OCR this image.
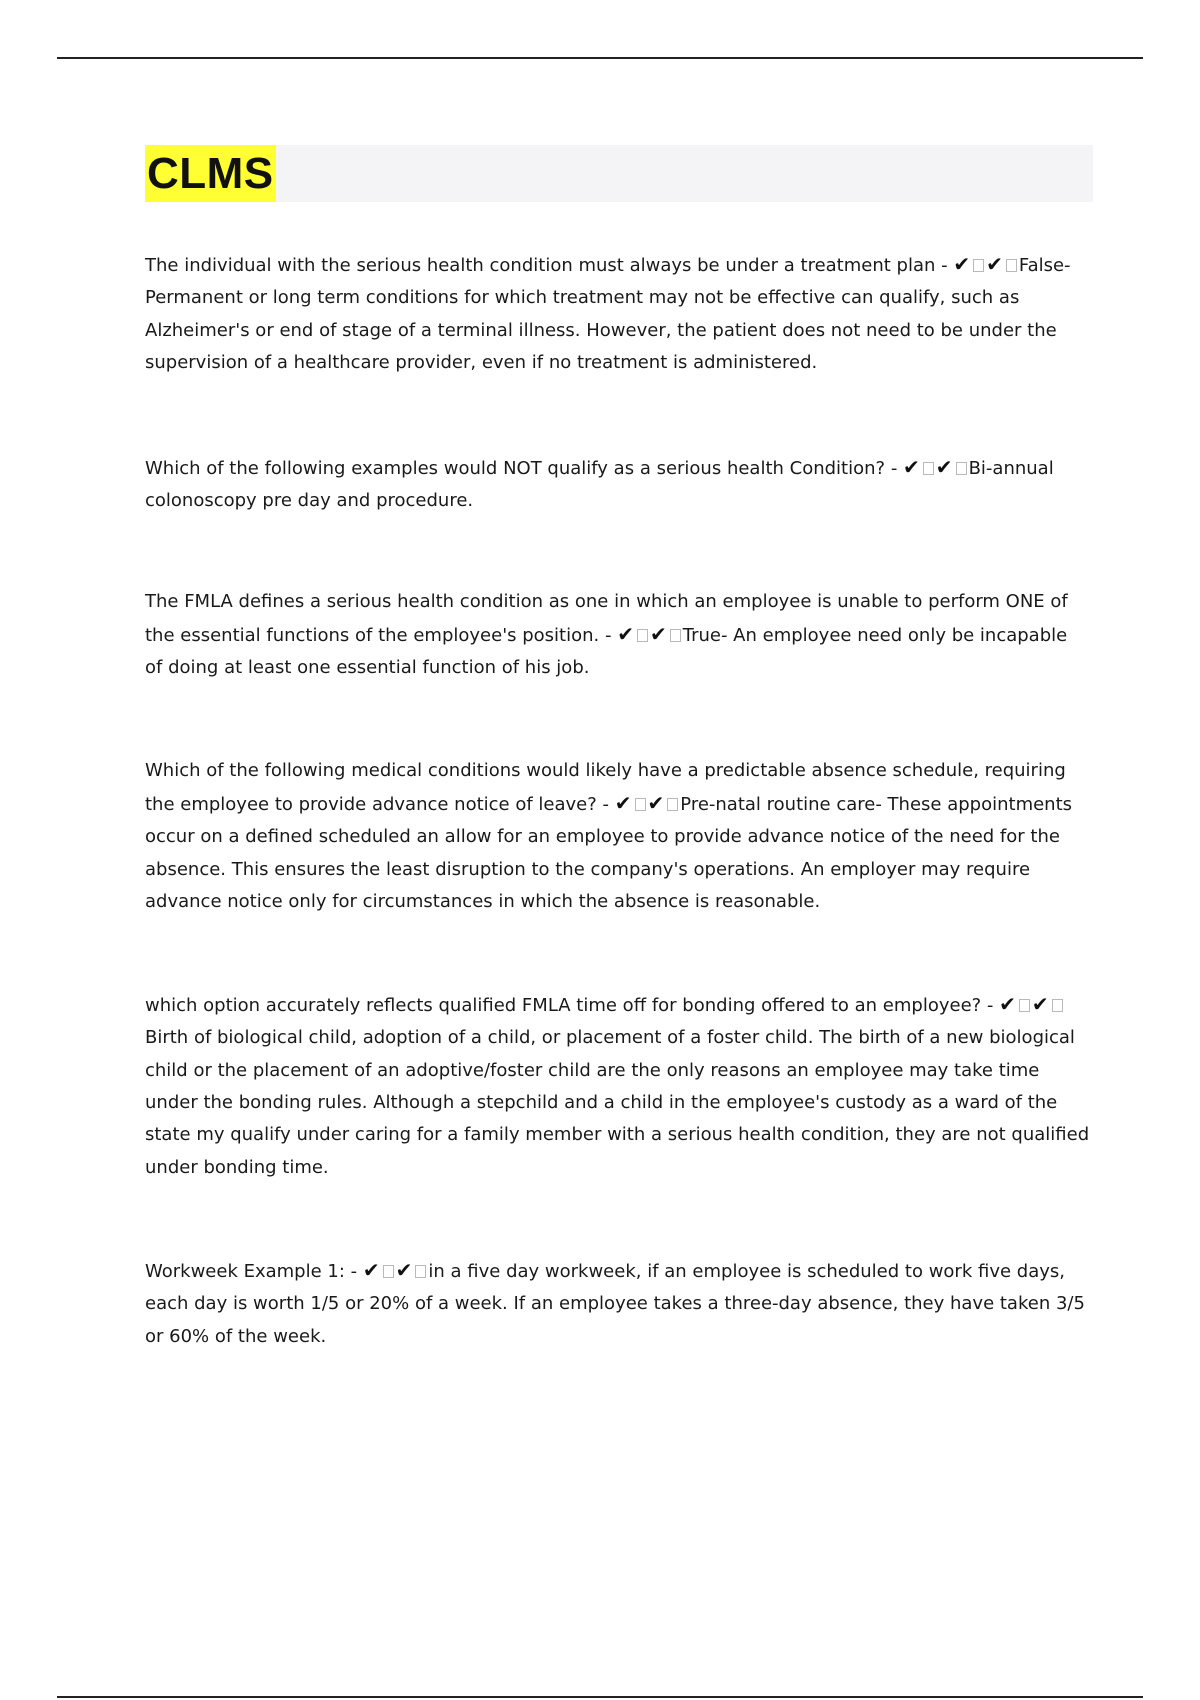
CLMS

The individual with the serious health condition must always be under a treatment plan - ✔ ✔ False- Permanent or long term conditions for which treatment may not be effective can qualify, such as Alzheimer's or end of stage of a terminal illness. However, the patient does not need to be under the supervision of a healthcare provider, even if no treatment is administered.

Which of the following examples would NOT qualify as a serious health Condition? - ✔ ✔ Bi-annual colonoscopy pre day and procedure.

The FMLA defines a serious health condition as one in which an employee is unable to perform ONE of the essential functions of the employee's position. - ✔ ✔ True- An employee need only be incapable of doing at least one essential function of his job.

Which of the following medical conditions would likely have a predictable absence schedule, requiring the employee to provide advance notice of leave? - ✔ ✔ Pre-natal routine care- These appointments occur on a defined scheduled an allow for an employee to provide advance notice of the need for the absence. This ensures the least disruption to the company's operations. An employer may require advance notice only for circumstances in which the absence is reasonable.

which option accurately reflects qualified FMLA time off for bonding offered to an employee? - ✔ ✔Birth of biological child, adoption of a child, or placement of a foster child. The birth of a new biological child or the placement of an adoptive/foster child are the only reasons an employee may take time under the bonding rules. Although a stepchild and a child in the employee's custody as a ward of the state my qualify under caring for a family member with a serious health condition, they are not qualified under bonding time.

Workweek Example 1: - ✔ ✔ in a five day workweek, if an employee is scheduled to work five days, each day is worth 1/5 or 20% of a week. If an employee takes a three-day absence, they have taken 3/5 or 60% of the week.
